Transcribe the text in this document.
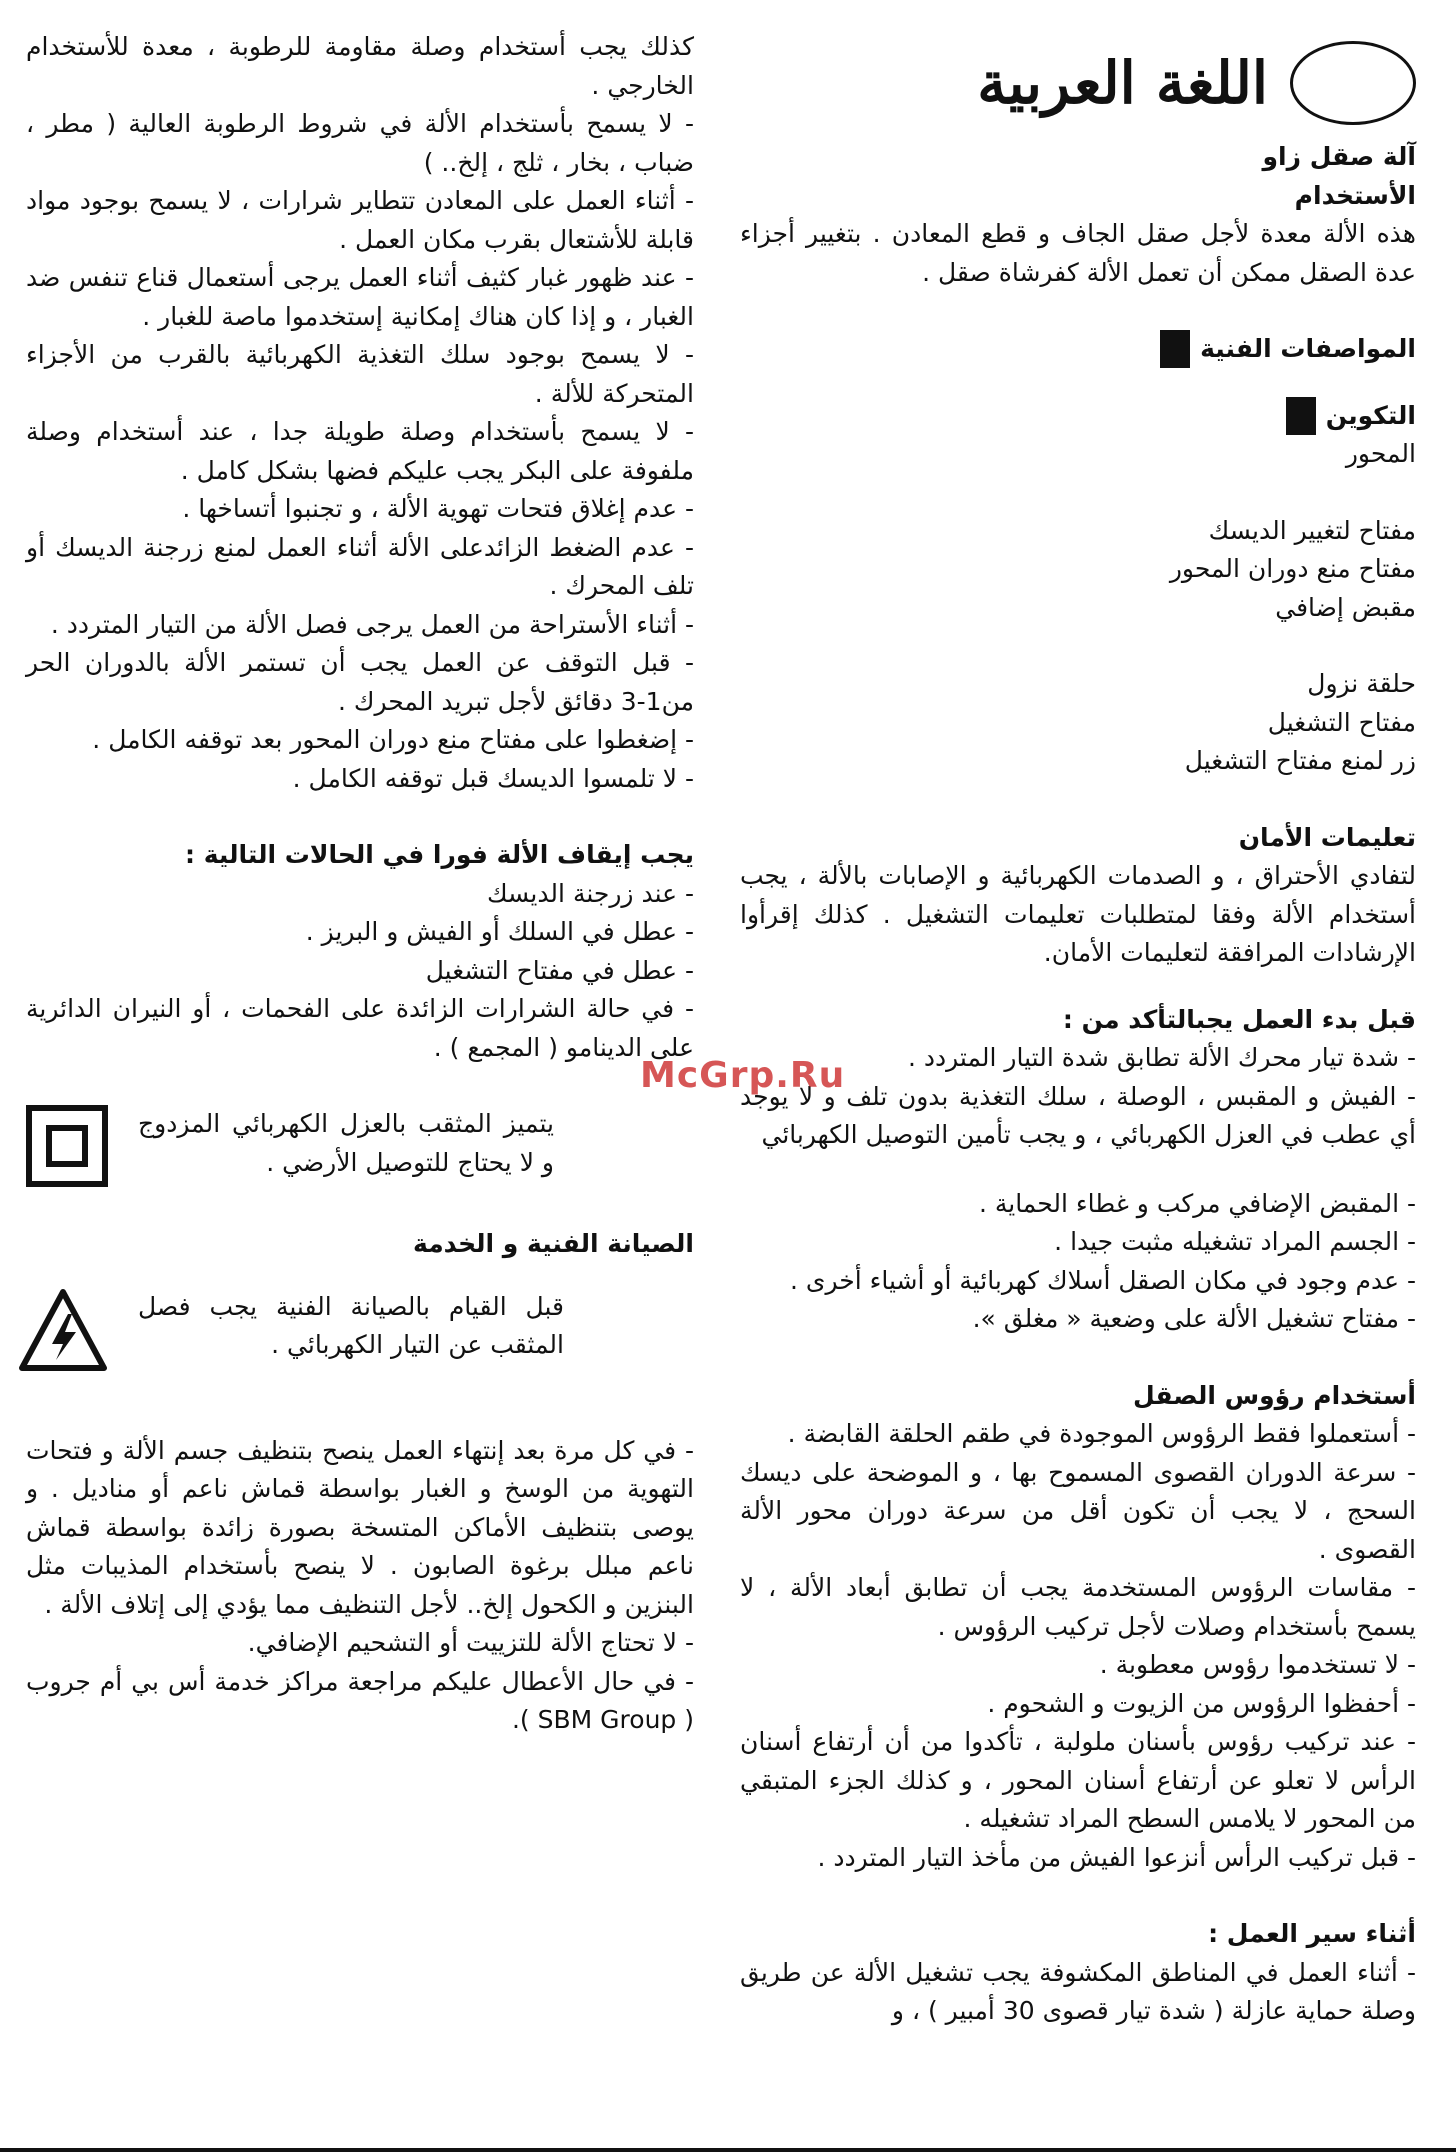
اللغة العربية
آلة صقل زاو
الأستخدام
هذه الألة معدة لأجل صقل الجاف و قطع المعادن . بتغيير أجزاء عدة الصقل ممكن أن تعمل الألة كفرشاة صقل .
المواصفات الفنية
التكوين
المحور
مفتاح لتغيير الديسك
مفتاح منع دوران المحور
مقبض إضافي
حلقة نزول
مفتاح التشغيل
زر لمنع مفتاح التشغيل
تعليمات الأمان
لتفادي الأحتراق ، و الصدمات الكهربائية و الإصابات بالألة ، يجب أستخدام الألة وفقا لمتطلبات تعليمات التشغيل . كذلك إقرأوا الإرشادات المرافقة لتعليمات الأمان.
قبل بدء العمل يجبالتأكد من :
- شدة تيار محرك الألة تطابق شدة التيار المتردد .
- الفيش و المقبس ، الوصلة ، سلك التغذية بدون تلف و لا يوجد أي عطب في العزل الكهربائي ، و يجب تأمين التوصيل الكهربائي
- المقبض الإضافي مركب و غطاء الحماية .
- الجسم المراد تشغيله مثبت جيدا .
- عدم وجود في مكان الصقل أسلاك كهربائية أو أشياء أخرى .
- مفتاح تشغيل الألة على وضعية « مغلق ».
أستخدام رؤوس الصقل
- أستعملوا فقط الرؤوس الموجودة في طقم الحلقة القابضة .
- سرعة الدوران القصوى المسموح بها ، و الموضحة على ديسك السحج ، لا يجب أن تكون أقل من سرعة دوران محور الألة القصوى .
- مقاسات الرؤوس المستخدمة يجب أن تطابق أبعاد الألة ، لا يسمح بأستخدام وصلات لأجل تركيب الرؤوس .
- لا تستخدموا رؤوس معطوبة .
- أحفظوا الرؤوس من الزيوت و الشحوم .
- عند تركيب رؤوس بأسنان ملولبة ، تأكدوا من أن أرتفاع أسنان الرأس لا تعلو عن أرتفاع أسنان المحور ، و كذلك الجزء المتبقي من المحور لا يلامس السطح المراد تشغيله .
- قبل تركيب الرأس أنزعوا الفيش من مأخذ التيار المتردد .
أثناء سير العمل :
- أثناء العمل في المناطق المكشوفة يجب تشغيل الألة عن طريق وصلة حماية عازلة ( شدة تيار قصوى 30 أمبير ) ، و
كذلك يجب أستخدام وصلة مقاومة للرطوبة ، معدة للأستخدام الخارجي .
- لا يسمح بأستخدام الألة في شروط الرطوبة العالية ( مطر ، ضباب ، بخار ، ثلج ، إلخ.. )
- أثناء العمل على المعادن تتطاير شرارات ، لا يسمح بوجود مواد قابلة للأشتعال بقرب مكان العمل .
- عند ظهور غبار كثيف أثناء العمل يرجى أستعمال قناع تنفس ضد الغبار ، و إذا كان هناك إمكانية إستخدموا ماصة للغبار .
- لا يسمح بوجود سلك التغذية الكهربائية بالقرب من الأجزاء المتحركة للألة .
- لا يسمح بأستخدام وصلة طويلة جدا ، عند أستخدام وصلة ملفوفة على البكر يجب عليكم فضها بشكل كامل .
- عدم إغلاق فتحات تهوية الألة ، و تجنبوا أتساخها .
- عدم الضغط الزائدعلى الألة أثناء العمل لمنع زرجنة الديسك أو تلف المحرك .
- أثناء الأستراحة من العمل يرجى فصل الألة من التيار المتردد .
- قبل التوقف عن العمل يجب أن تستمر الألة بالدوران الحر من1-3 دقائق لأجل تبريد المحرك .
- إضغطوا على مفتاح منع دوران المحور بعد توقفه الكامل .
- لا تلمسوا الديسك قبل توقفه الكامل .
يجب إيقاف الألة فورا في الحالات التالية :
- عند زرجنة الديسك
- عطل في السلك أو الفيش و البريز .
- عطل في مفتاح التشغيل
- في حالة الشرارات الزائدة على الفحمات ، أو النيران الدائرية على الدينامو ( المجمع ) .
يتميز المثقب بالعزل الكهربائي المزدوج و لا يحتاج للتوصيل الأرضي .
الصيانة الفنية و الخدمة
قبل القيام بالصيانة الفنية يجب فصل المثقب عن التيار الكهربائي .
- في كل مرة بعد إنتهاء العمل ينصح بتنظيف جسم الألة و فتحات التهوية من الوسخ و الغبار بواسطة قماش ناعم أو مناديل . و يوصى بتنظيف الأماكن المتسخة بصورة زائدة بواسطة قماش ناعم مبلل برغوة الصابون . لا ينصح بأستخدام المذيبات مثل البنزين و الكحول إلخ.. لأجل التنظيف مما يؤدي إلى إتلاف الألة .
- لا تحتاج الألة للتزييت أو التشحيم الإضافي.
- في حال الأعطال عليكم مراجعة مراكز خدمة أس بي أم جروب ( SBM Group ).
McGrp.Ru
